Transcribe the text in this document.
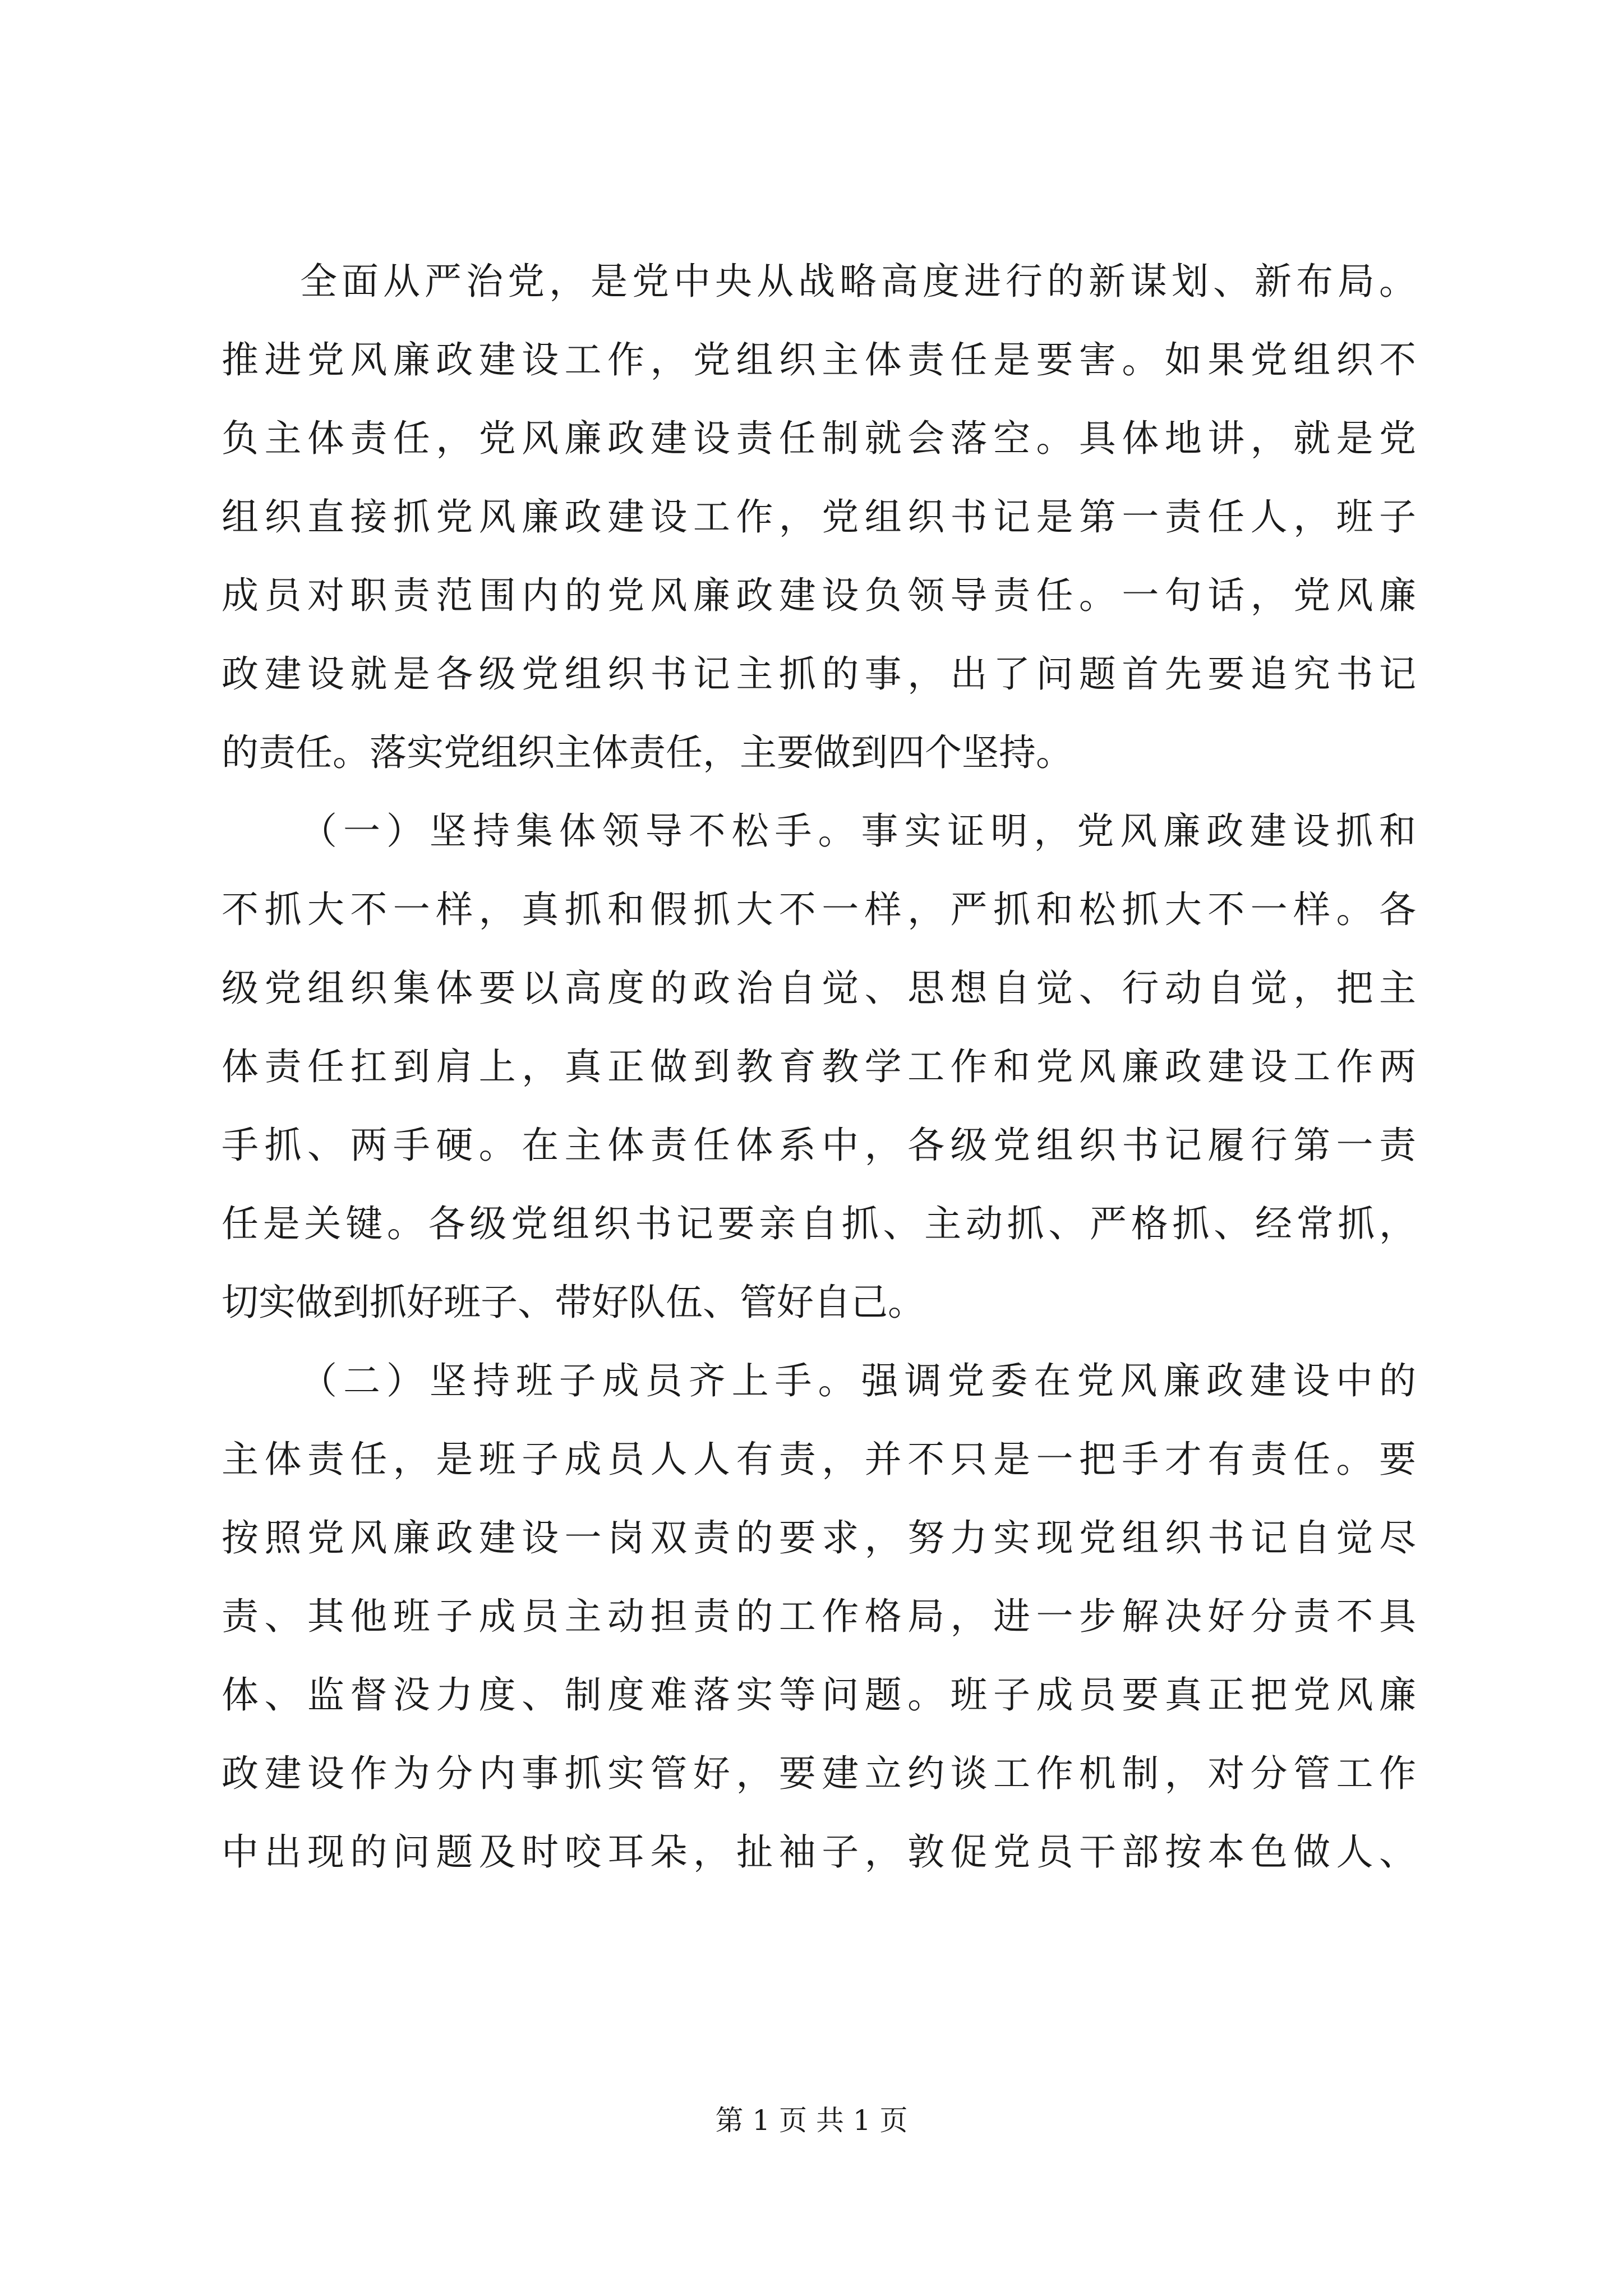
全面从严治党，是党中央从战略高度进行的新谋划、新布局。
推进党风廉政建设工作，党组织主体责任是要害。如果党组织不
负主体责任，党风廉政建设责任制就会落空。具体地讲，就是党
组织直接抓党风廉政建设工作，党组织书记是第一责任人，班子
成员对职责范围内的党风廉政建设负领导责任。一句话，党风廉
政建设就是各级党组织书记主抓的事，出了问题首先要追究书记
的责任。落实党组织主体责任，主要做到四个坚持。
（一）坚持集体领导不松手。事实证明，党风廉政建设抓和
不抓大不一样，真抓和假抓大不一样，严抓和松抓大不一样。各
级党组织集体要以高度的政治自觉、思想自觉、行动自觉，把主
体责任扛到肩上，真正做到教育教学工作和党风廉政建设工作两
手抓、两手硬。在主体责任体系中，各级党组织书记履行第一责
任是关键。各级党组织书记要亲自抓、主动抓、严格抓、经常抓，
切实做到抓好班子、带好队伍、管好自己。
（二）坚持班子成员齐上手。强调党委在党风廉政建设中的
主体责任，是班子成员人人有责，并不只是一把手才有责任。要
按照党风廉政建设一岗双责的要求，努力实现党组织书记自觉尽
责、其他班子成员主动担责的工作格局，进一步解决好分责不具
体、监督没力度、制度难落实等问题。班子成员要真正把党风廉
政建设作为分内事抓实管好，要建立约谈工作机制，对分管工作
中出现的问题及时咬耳朵，扯袖子，敦促党员干部按本色做人、
第 1 页 共 1 页
